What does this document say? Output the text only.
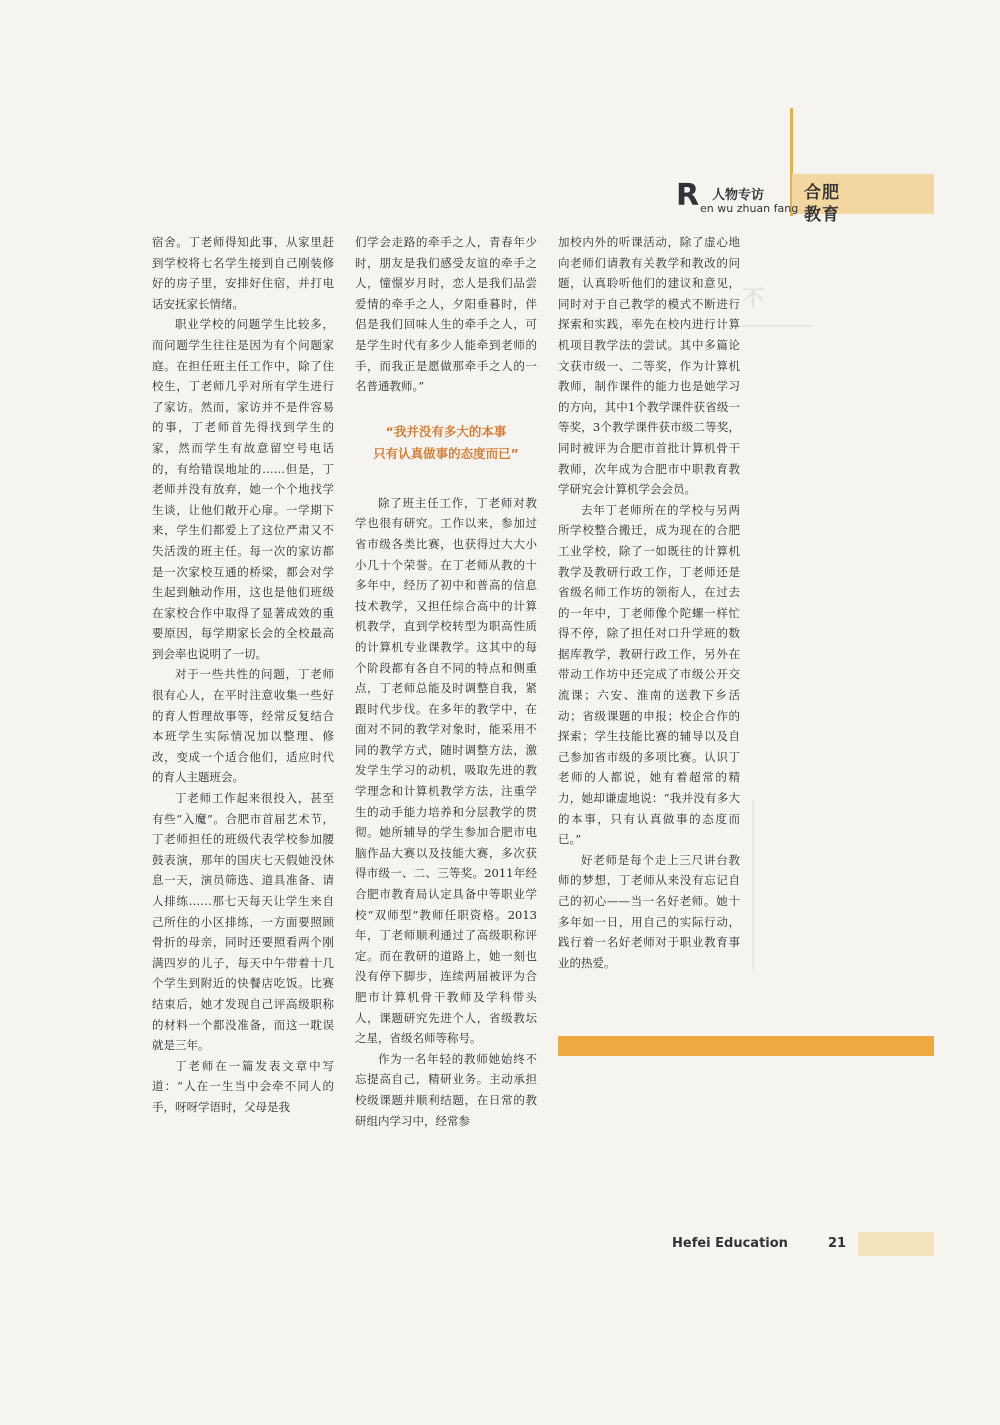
R 人物专访
en wu zhuan fang
合肥
教育
不

宿舍。丁老师得知此事，从家里赶到学校将七名学生接到自己刚装修好的房子里，安排好住宿，并打电话安抚家长情绪。

职业学校的问题学生比较多，而问题学生往往是因为有个问题家庭。在担任班主任工作中，除了住校生，丁老师几乎对所有学生进行了家访。然而，家访并不是件容易的事，丁老师首先得找到学生的家，然而学生有故意留空号电话的，有给错误地址的……但是，丁老师并没有放弃，她一个个地找学生谈，让他们敞开心扉。一学期下来，学生们都爱上了这位严肃又不失活泼的班主任。每一次的家访都是一次家校互通的桥梁，都会对学生起到触动作用，这也是他们班级在家校合作中取得了显著成效的重要原因，每学期家长会的全校最高到会率也说明了一切。

对于一些共性的问题，丁老师很有心人，在平时注意收集一些好的育人哲理故事等，经常反复结合本班学生实际情况加以整理、修改，变成一个适合他们，适应时代的育人主题班会。

丁老师工作起来很投入，甚至有些“入魔”。合肥市首届艺术节，丁老师担任的班级代表学校参加腰鼓表演，那年的国庆七天假她没休息一天，演员筛选、道具准备、请人排练……那七天每天让学生来自己所住的小区排练，一方面要照顾骨折的母亲，同时还要照看两个刚满四岁的儿子，每天中午带着十几个学生到附近的快餐店吃饭。比赛结束后，她才发现自己评高级职称的材料一个都没准备，而这一耽误就是三年。

丁老师在一篇发表文章中写道：“人在一生当中会牵不同人的手，呀呀学语时，父母是我

们学会走路的牵手之人，青春年少时，朋友是我们感受友谊的牵手之人，憧憬岁月时，恋人是我们品尝爱情的牵手之人，夕阳垂暮时，伴侣是我们回味人生的牵手之人，可是学生时代有多少人能牵到老师的手，而我正是愿做那牵手之人的一名普通教师。”

“我并没有多大的本事
只有认真做事的态度而已”

除了班主任工作，丁老师对教学也很有研究。工作以来，参加过省市级各类比赛，也获得过大大小小几十个荣誉。在丁老师从教的十多年中，经历了初中和普高的信息技术教学，又担任综合高中的计算机教学，直到学校转型为职高性质的计算机专业课教学。这其中的每个阶段都有各自不同的特点和侧重点，丁老师总能及时调整自我，紧跟时代步伐。在多年的教学中，在面对不同的教学对象时，能采用不同的教学方式，随时调整方法，激发学生学习的动机，吸取先进的教学理念和计算机教学方法，注重学生的动手能力培养和分层教学的贯彻。她所辅导的学生参加合肥市电脑作品大赛以及技能大赛，多次获得市级一、二、三等奖。2011年经合肥市教育局认定具备中等职业学校“双师型”教师任职资格。2013年，丁老师顺利通过了高级职称评定。而在教研的道路上，她一刻也没有停下脚步，连续两届被评为合肥市计算机骨干教师及学科带头人，课题研究先进个人，省级教坛之星，省级名师等称号。

作为一名年轻的教师她始终不忘提高自己，精研业务。主动承担校级课题并顺利结题，在日常的教研组内学习中，经常参

加校内外的听课活动，除了虚心地向老师们请教有关教学和教改的问题，认真聆听他们的建议和意见，同时对于自己教学的模式不断进行探索和实践，率先在校内进行计算机项目教学法的尝试。其中多篇论文获市级一、二等奖，作为计算机教师，制作课件的能力也是她学习的方向，其中1个教学课件获省级一等奖，3个教学课件获市级二等奖，同时被评为合肥市首批计算机骨干教师，次年成为合肥市中职教育教学研究会计算机学会会员。

去年丁老师所在的学校与另两所学校整合搬迁，成为现在的合肥工业学校，除了一如既往的计算机教学及教研行政工作，丁老师还是省级名师工作坊的领衔人，在过去的一年中，丁老师像个陀螺一样忙得不停，除了担任对口升学班的数据库教学，教研行政工作，另外在带动工作坊中还完成了市级公开交流课；六安、淮南的送教下乡活动；省级课题的申报；校企合作的探索；学生技能比赛的辅导以及自己参加省市级的多项比赛。认识丁老师的人都说，她有着超常的精力，她却谦虚地说：“我并没有多大的本事，只有认真做事的态度而已。”

好老师是每个走上三尺讲台教师的梦想，丁老师从来没有忘记自己的初心——当一名好老师。她十多年如一日，用自己的实际行动，践行着一名好老师对于职业教育事业的热爱。

Hefei Education	21
